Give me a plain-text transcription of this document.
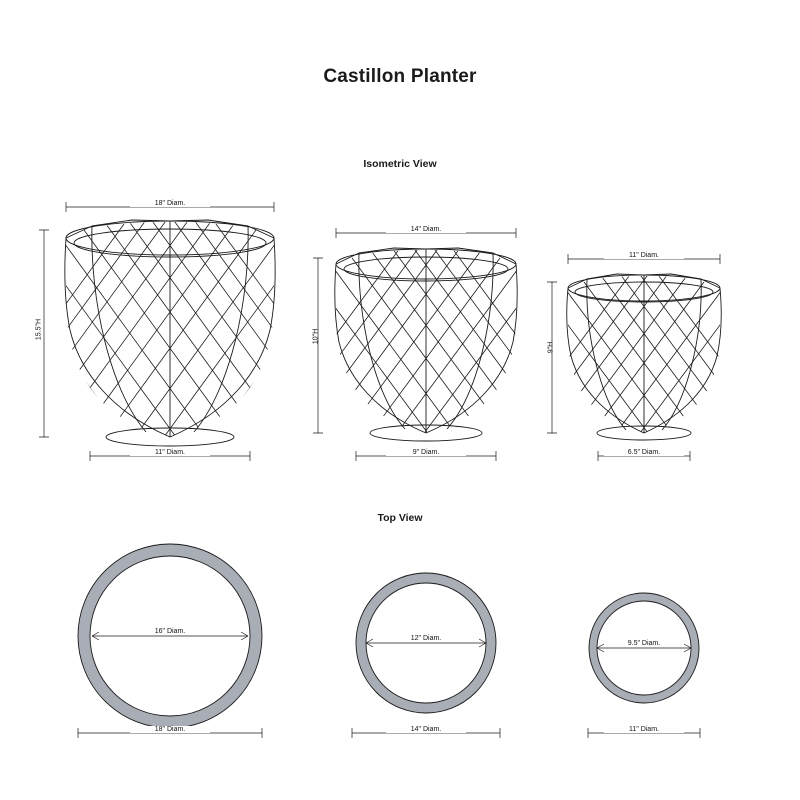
Castillon Planter
Isometric View
Top View
18" Diam.
15.5"H
11" Diam.
14" Diam.
10"H
9" Diam.
11" Diam.
9"H
6.5" Diam.
16" Diam.
18" Diam.
12" Diam.
14" Diam.
9.5" Diam.
11" Diam.
